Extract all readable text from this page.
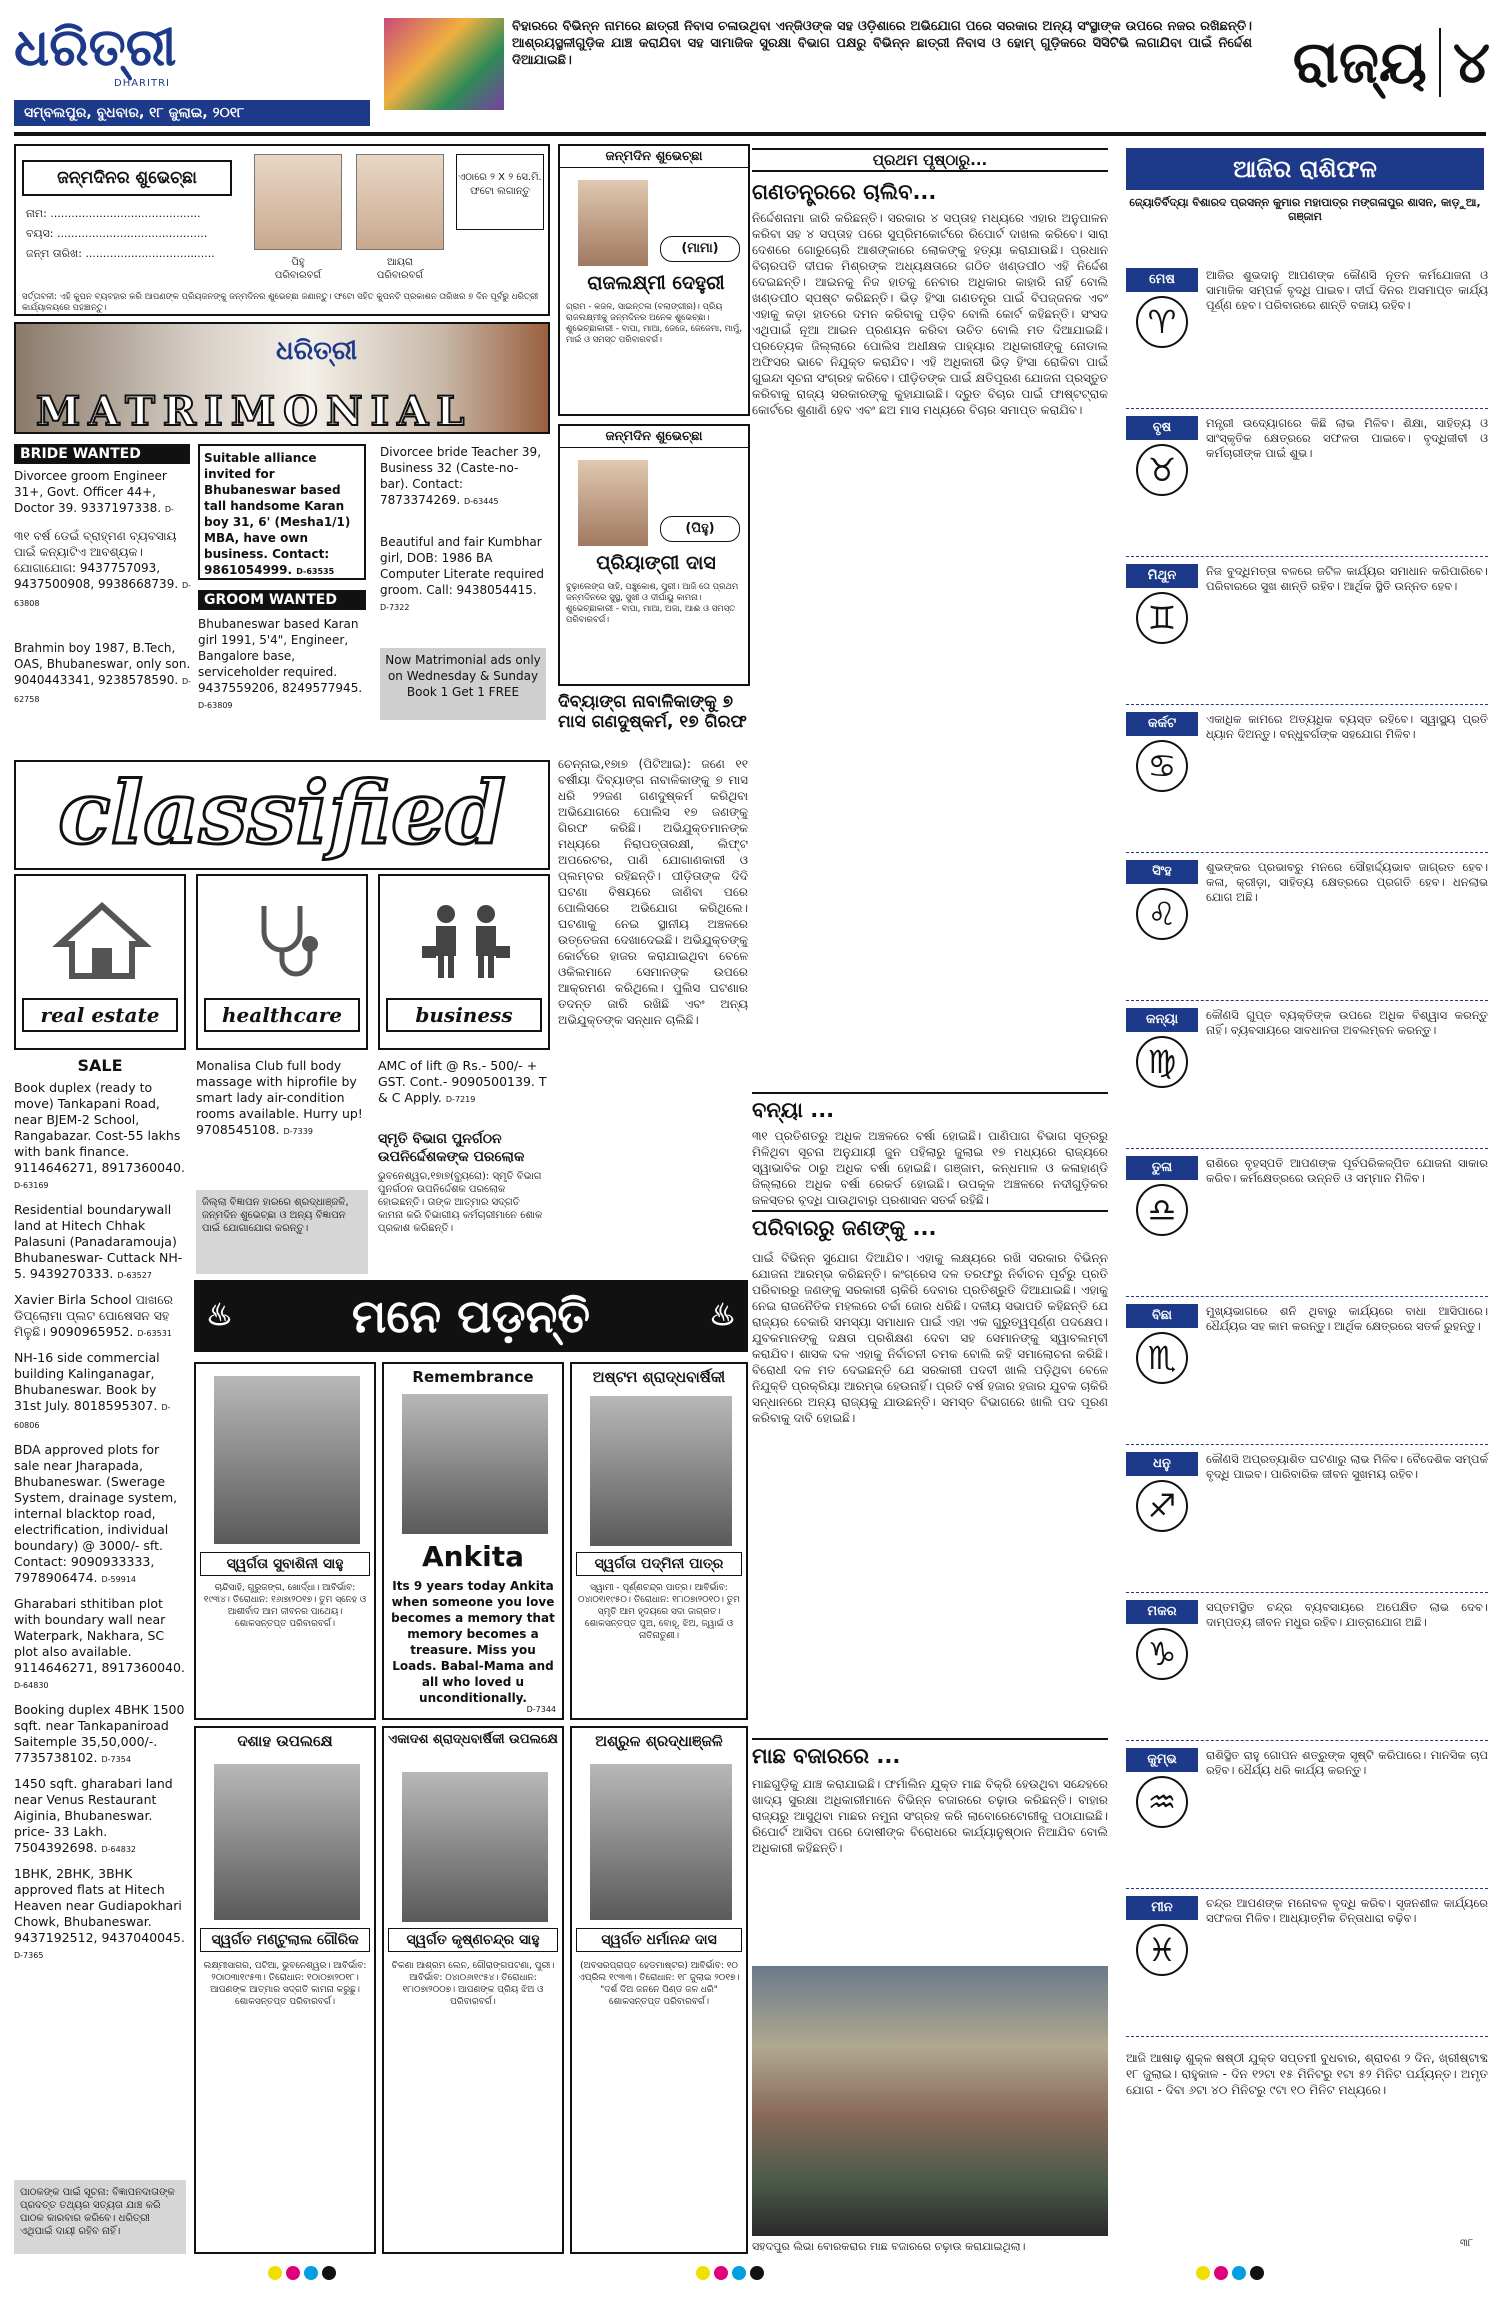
ଧରିତ୍ରୀ
DHARITRI
ସମ୍ବଲପୁର, ବୁଧବାର, ୧୮ ଜୁଲାଇ, ୨୦୧୮
ବିହାରରେ ବିଭିନ୍ନ ନାମରେ ଛାତ୍ରୀ ନିବାସ ଚଳାଉଥିବା ଏନ୍‌ଜିଓଙ୍କ ସହ ଓଡ଼ିଶାରେ ଅଭିଯୋଗ ପରେ ସରକାର ଅନ୍ୟ ସଂସ୍ଥାଙ୍କ ଉପରେ ନଜର ରଖିଛନ୍ତି। ଆଶ୍ରୟସ୍ଥଳୀଗୁଡ଼ିକ ଯାଞ୍ଚ କରାଯିବା ସହ ସାମାଜିକ ସୁରକ୍ଷା ବିଭାଗ ପକ୍ଷରୁ ବିଭିନ୍ନ ଛାତ୍ରୀ ନିବାସ ଓ ହୋମ୍‌ ଗୁଡ଼ିକରେ ସିସିଟିଭି ଲଗାଯିବା ପାଇଁ ନିର୍ଦ୍ଦେଶ ଦିଆଯାଇଛି।	ରାଜ୍ୟ ୪
ଜନ୍ମଦିନର ଶୁଭେଚ୍ଛା
ନାମ: ...........................................
ବୟସ: ...........................................
ଜନ୍ମ ତାରିଖ: .....................................
ପିହୁ
ପରିବାରବର୍ଗ
ଆୟରା
ପରିବାରବର୍ଗ
ଏଠାରେ ୨ X ୨ ସେ.ମି. ଫଟୋ ଲଗାନ୍ତୁ
ସର୍ତ୍ତାବଳୀ: ଏହି କୁପନ ବ୍ୟବହାର କରି ଆପଣଙ୍କ ପ୍ରିୟଜନଙ୍କୁ ଜନ୍ମଦିନର ଶୁଭେଚ୍ଛା ଜଣାନ୍ତୁ। ଫଟୋ ସହିତ କୁପନଟି ପ୍ରକାଶନ ତାରିଖର ୭ ଦିନ ପୂର୍ବରୁ ଧରିତ୍ରୀ କାର୍ଯ୍ୟାଳୟରେ ପହଞ୍ଚାନ୍ତୁ।
ଧରିତ୍ରୀ
MATRIMONIAL
BRIDE WANTED
Divorcee groom Engineer 31+, Govt. Officer 44+, Doctor 39. 9337197338. D-
୩୧ ବର୍ଷ ଡେଇଁ ବ୍ରାହ୍ମଣ ବ୍ୟବସାୟ ପାଇଁ କନ୍ୟାଟିଏ ଆବଶ୍ୟକ। ଯୋଗାଯୋଗ: 9437757093, 9437500908, 9938668739. D-63808
Brahmin boy 1987, B.Tech, OAS, Bhubaneswar, only son. 9040443341, 9238578590. D-62758
Suitable alliance invited for Bhubaneswar based tall handsome Karan boy 31, 6' (Mesha1/1) MBA, have own business. Contact: 9861054999. D-63535
GROOM WANTED
Bhubaneswar based Karan girl 1991, 5'4", Engineer, Bangalore base, serviceholder required. 9437559206, 8249577945. D-63809
Divorcee bride Teacher 39, Business 32 (Caste-no-bar). Contact: 7873374269. D-63445
Beautiful and fair Kumbhar girl, DOB: 1986 BA Computer Literate required groom. Call: 9438054415. D-7322
Now Matrimonial ads only on Wednesday & Sunday Book 1 Get 1 FREE
classified
real estate	healthcare	business
SALE
Book duplex (ready to move) Tankapani Road, near BJEM-2 School, Rangabazar. Cost-55 lakhs with bank finance. 9114646271, 8917360040. D-63169
Residential boundarywall land at Hitech Chhak Palasuni (Panadaramouja) Bhubaneswar- Cuttack NH-5. 9439270333. D-63527
Xavier Birla School ପାଖରେ ଡିପ୍ଲୋମା ପ୍ଲଟ ପୋଷେସନ ସହ ମିଳୁଛି। 9090965952. D-63531
NH-16 side commercial building Kalinganagar, Bhubaneswar. Book by 31st July. 8018595307. D-60806
BDA approved plots for sale near Jharapada, Bhubaneswar. (Swerage System, drainage system, internal blacktop road, electrification, individual boundary) @ 3000/- sft. Contact: 9090933333, 7978906474. D-59914
Gharabari sthitiban plot with boundary wall near Waterpark, Nakhara, SC plot also available. 9114646271, 8917360040. D-64830
Booking duplex 4BHK 1500 sqft. near Tankapaniroad Saitemple 35,50,000/-. 7735738102. D-7354
1450 sqft. gharabari land near Venus Restaurant Aiginia, Bhubaneswar. price- 33 Lakh. 7504392698. D-64832
1BHK, 2BHK, 3BHK approved flats at Hitech Heaven near Gudiapokhari Chowk, Bhubaneswar. 9437192512, 9437040045. D-7365
ପାଠକଙ୍କ ପାଇଁ ସୂଚନା: ବିଜ୍ଞାପନଦାତାଙ୍କ ପ୍ରଦତ୍ତ ତଥ୍ୟର ସତ୍ୟତା ଯାଞ୍ଚ କରି ପାଠକ କାରବାର କରିବେ। ଧରିତ୍ରୀ ଏଥିପାଇଁ ଦାୟୀ ରହିବ ନାହିଁ।
Monalisa Club full body massage with hiprofile by smart lady air-condition rooms available. Hurry up! 9708545108. D-7339
ଜିଲ୍ଲା ବିଜ୍ଞାପନ ହାରରେ ଶ୍ରଦ୍ଧାଞ୍ଜଳି, ଜନ୍ମଦିନ ଶୁଭେଚ୍ଛା ଓ ଅନ୍ୟ ବିଜ୍ଞାପନ ପାଇଁ ଯୋଗାଯୋଗ କରନ୍ତୁ।
AMC of lift @ Rs.- 500/- + GST. Cont.- 9090500139. T & C Apply. D-7219
ସ୍ମୃତି ବିଭାଗ ପୁନର୍ଗଠନ ଉପନିର୍ଦ୍ଦେଶକଙ୍କ ପରଲୋକ
ଭୁବନେଶ୍ୱର,୧୭ା୭(ବ୍ୟୁରୋ): ସ୍ମୃତି ବିଭାଗ ପୁନର୍ଗଠନ ଉପନିର୍ଦ୍ଦେଶକ ପରଲୋକ ହୋଇଛନ୍ତି। ତାଙ୍କ ଆତ୍ମାର ସଦ୍‌ଗତି କାମନା କରି ବିଭାଗୀୟ କର୍ମଚାରୀମାନେ ଶୋକ ପ୍ରକାଶ କରିଛନ୍ତି।
ଜନ୍ମଦିନ ଶୁଭେଚ୍ଛା
(ମାମା)
ରାଜଲକ୍ଷ୍ମୀ ଦେହୁରୀ
ଗ୍ରାମ - କଜଳ, ସାଇନ୍ତଳା (ବଲାଙ୍ଗୀର)। ପ୍ରିୟ ରାଜଲକ୍ଷ୍ମୀକୁ ଜନ୍ମଦିନର ଅନେକ ଶୁଭେଚ୍ଛା। ଶୁଭେଚ୍ଛାକାରୀ - ବାପା, ମାଆ, ଜେଜେ, ଜେଜେମା, ମାମୁଁ, ମାଇଁ ଓ ସମସ୍ତ ପରିବାରବର୍ଗ।
ଜନ୍ମଦିନ ଶୁଭେଚ୍ଛା
(ପିହୁ)
ପ୍ରିୟାଙ୍ଗୀ ଦାସ
ବୁଢ଼ାଲେଙ୍ଗ ସାହି, ପଞ୍ଚୁକୋଶ, ପୁରୀ। ଆଜି ତୋ ପ୍ରଥମ ଜନ୍ମଦିନରେ ସୁସ୍ଥ, ସୁଖୀ ଓ ଦୀର୍ଘାୟୁ କାମନା। ଶୁଭେଚ୍ଛାକାରୀ - ବାପା, ମାଆ, ଅଜା, ଆଈ ଓ ସମସ୍ତ ପରିବାରବର୍ଗ।
ଦିବ୍ୟାଙ୍ଗ ନାବାଳିକାଙ୍କୁ ୭ ମାସ ଗଣଦୁଷ୍କର୍ମ, ୧୭ ଗିରଫ
ଚେନ୍ନାଇ,୧୭ା୭ (ପିଟିଆଇ): ଜଣେ ୧୧ ବର୍ଷୀୟା ଦିବ୍ୟାଙ୍ଗ ନାବାଳିକାଙ୍କୁ ୭ ମାସ ଧରି ୨୨ଜଣ ଗଣଦୁଷ୍କର୍ମ କରିଥିବା ଅଭିଯୋଗରେ ପୋଲିସ ୧୭ ଜଣଙ୍କୁ ଗିରଫ କରିଛି। ଅଭିଯୁକ୍ତମାନଙ୍କ ମଧ୍ୟରେ ନିରାପତ୍ତାରକ୍ଷୀ, ଲିଫ୍ଟ ଅପରେଟର, ପାଣି ଯୋଗାଣକାରୀ ଓ ପ୍ଲମ୍ବର ରହିଛନ୍ତି। ପୀଡ଼ିତାଙ୍କ ଦିଦି ଘଟଣା ବିଷୟରେ ଜାଣିବା ପରେ ପୋଲିସରେ ଅଭିଯୋଗ କରିଥିଲେ। ଘଟଣାକୁ ନେଇ ସ୍ଥାନୀୟ ଅଞ୍ଚଳରେ ଉତ୍ତେଜନା ଦେଖାଦେଇଛି। ଅଭିଯୁକ୍ତଙ୍କୁ କୋର୍ଟରେ ହାଜର କରାଯାଇଥିବା ବେଳେ ଓକିଲମାନେ ସେମାନଙ୍କ ଉପରେ ଆକ୍ରମଣ କରିଥିଲେ। ପୁଲିସ ଘଟଣାର ତଦନ୍ତ ଜାରି ରଖିଛି ଏବଂ ଅନ୍ୟ ଅଭିଯୁକ୍ତଙ୍କ ସନ୍ଧାନ ଚାଲିଛି।
♨	ମନେ ପଡ଼ନ୍ତି	♨
ସ୍ୱର୍ଗତା ସୁବାଶିନୀ ସାହୁ
ଚାନ୍ଦିସାହି, ଗୁରୁଜଙ୍ଗ, ଖୋର୍ଦ୍ଧା। ଆବିର୍ଭାବ: ୧୯୩୪। ତିରୋଧାନ: ୧୬ା୭ା୨୦୧୭। ତୁମ ସ୍ନେହ ଓ ଆଶୀର୍ବାଦ ଆମ ଜୀବନର ପାଥେୟ। ଶୋକସନ୍ତପ୍ତ ପରିବାରବର୍ଗ।
Remembrance
Ankita
Its 9 years today Ankita when someone you love becomes a memory that memory becomes a treasure. Miss you Loads. Babal-Mama and all who loved u unconditionally.
D-7344
ଅଷ୍ଟମ ଶ୍ରାଦ୍ଧବାର୍ଷିକୀ
ସ୍ୱର୍ଗତା ପଦ୍ମିନୀ ପାତ୍ର
ସ୍ୱାମୀ - ପୂର୍ଣ୍ଣଚନ୍ଦ୍ର ପାତ୍ର। ଆବିର୍ଭାବ: ୦୪ା୦୧ା୧୯୫୦। ତିରୋଧାନ: ୧୮ା୦୭ା୨୦୧୦। ତୁମ ସ୍ମୃତି ଆମ ହୃଦୟରେ ସଦା ଜାଗ୍ରତ। ଶୋକସନ୍ତପ୍ତ ପୁଅ, ବୋହୂ, ଝିଅ, ଜ୍ୱାଇଁ ଓ ନାତିନାତୁଣୀ।
ଦଶାହ ଉପଲକ୍ଷେ
ସ୍ୱର୍ଗତ ମଣ୍ଟୁଲାଲ ଗୌରିକ
ଲକ୍ଷ୍ମୀସାଗର, ପଟିଆ, ଭୁବନେଶ୍ୱର। ଆବିର୍ଭାବ: ୨୦ା୦୩ା୧୯୫୩। ତିରୋଧାନ: ୧୦ା୦୭ା୨୦୧୮। ଆପଣଙ୍କ ଆତ୍ମାର ସଦ୍‌ଗତି କାମନା କରୁଛୁ। ଶୋକସନ୍ତପ୍ତ ପରିବାରବର୍ଗ।
ଏକାଦଶ ଶ୍ରାଦ୍ଧବାର୍ଷିକୀ ଉପଲକ୍ଷେ
ସ୍ୱର୍ଗତ କୃଷ୍ଣଚନ୍ଦ୍ର ସାହୁ
ଚିକଣା ଆଶ୍ରମ ଲେନ, ଗୌରାଙ୍ଗପଟଣା, ପୁରୀ। ଆବିର୍ଭାବ: ୦୪ା୦୬ା୧୯୫୪। ତିରୋଧାନ: ୧୮ା୦୭ା୨୦୦୭। ଆପଣଙ୍କ ପ୍ରିୟ ଝିଅ ଓ ପରିବାରବର୍ଗ।
ଅଶ୍ରୁଳ ଶ୍ରଦ୍ଧାଞ୍ଜଳି
ସ୍ୱର୍ଗତ ଧର୍ମାନନ୍ଦ ଦାସ
(ଅବସରପ୍ରାପ୍ତ ହେଡମାଷ୍ଟର) ଆବିର୍ଭାବ: ୧୦ ଏପ୍ରିଲ ୧୯୩୩। ତିରୋଧାନ: ୧୮ ଜୁଲାଇ ୨୦୧୭। "ଦର୍ଶ ଦିଅ ଜନନେ ପିଣ୍ଡ ଜଳ ଧରି" ଶୋକସନ୍ତପ୍ତ ପରିବାରବର୍ଗ।
ପ୍ରଥମ ପୃଷ୍ଠାରୁ...
ଗଣତନ୍ତ୍ରରେ ଚାଲିବ...
ନିର୍ଦ୍ଦେଶନାମା ଜାରି କରିଛନ୍ତି। ସରକାର ୪ ସପ୍ତାହ ମଧ୍ୟରେ ଏହାର ଅନୁପାଳନ କରିବା ସହ ୪ ସପ୍ତାହ ପରେ ସୁପ୍ରିମକୋର୍ଟରେ ରିପୋର୍ଟ ଦାଖଲ କରିବେ। ସାରା ଦେଶରେ ଗୋରୁଚୋରି ଆଶଙ୍କାରେ ଲୋକଙ୍କୁ ହତ୍ୟା କରାଯାଉଛି। ପ୍ରଧାନ ବିଚାରପତି ଦୀପକ ମିଶ୍ରଙ୍କ ଅଧ୍ୟକ୍ଷତାରେ ଗଠିତ ଖଣ୍ଡପୀଠ ଏହି ନିର୍ଦ୍ଦେଶ ଦେଇଛନ୍ତି। ଆଇନକୁ ନିଜ ହାତକୁ ନେବାର ଅଧିକାର କାହାରି ନାହିଁ ବୋଲି ଖଣ୍ଡପୀଠ ସ୍ପଷ୍ଟ କରିଛନ୍ତି। ଭିଡ଼ ହିଂସା ଗଣତନ୍ତ୍ର ପାଇଁ ବିପଜ୍ଜନକ ଏବଂ ଏହାକୁ କଡ଼ା ହାତରେ ଦମନ କରିବାକୁ ପଡ଼ିବ ବୋଲି କୋର୍ଟ କହିଛନ୍ତି। ସଂସଦ ଏଥିପାଇଁ ନୂଆ ଆଇନ ପ୍ରଣୟନ କରିବା ଉଚିତ ବୋଲି ମତ ଦିଆଯାଇଛି। ପ୍ରତ୍ୟେକ ଜିଲ୍ଲାରେ ପୋଲିସ ଅଧୀକ୍ଷକ ପାହ୍ୟାର ଅଧିକାରୀଙ୍କୁ ନୋଡାଲ ଅଫିସର ଭାବେ ନିଯୁକ୍ତ କରାଯିବ। ଏହି ଅଧିକାରୀ ଭିଡ଼ ହିଂସା ରୋକିବା ପାଇଁ ଗୁଇନ୍ଦା ସୂଚନା ସଂଗ୍ରହ କରିବେ। ପୀଡ଼ିତଙ୍କ ପାଇଁ କ୍ଷତିପୂରଣ ଯୋଜନା ପ୍ରସ୍ତୁତ କରିବାକୁ ରାଜ୍ୟ ସରକାରଙ୍କୁ କୁହାଯାଇଛି। ଦ୍ରୁତ ବିଚାର ପାଇଁ ଫାଷ୍ଟଟ୍ରାକ କୋର୍ଟରେ ଶୁଣାଣି ହେବ ଏବଂ ଛଅ ମାସ ମଧ୍ୟରେ ବିଚାର ସମାପ୍ତ କରାଯିବ।
ବନ୍ୟା ...
୩୧ ପ୍ରତିଶତରୁ ଅଧିକ ଅଞ୍ଚଳରେ ବର୍ଷା ହୋଇଛି। ପାଣିପାଗ ବିଭାଗ ସୂତ୍ରରୁ ମିଳିଥିବା ସୂଚନା ଅନୁଯାୟୀ ଜୁନ ପହିଲାରୁ ଜୁଲାଇ ୧୭ ମଧ୍ୟରେ ରାଜ୍ୟରେ ସ୍ୱାଭାବିକ ଠାରୁ ଅଧିକ ବର୍ଷା ହୋଇଛି। ଗଞ୍ଜାମ, କନ୍ଧମାଳ ଓ କଳାହାଣ୍ଡି ଜିଲ୍ଲାରେ ଅଧିକ ବର୍ଷା ରେକର୍ଡ ହୋଇଛି। ଉପକୂଳ ଅଞ୍ଚଳରେ ନଦୀଗୁଡ଼ିକର ଜଳସ୍ତର ବୃଦ୍ଧି ପାଉଥିବାରୁ ପ୍ରଶାସନ ସତର୍କ ରହିଛି।
ପରିବାରରୁ ଜଣଙ୍କୁ ...
ପାଇଁ ବିଭିନ୍ନ ସୁଯୋଗ ଦିଆଯିବ। ଏହାକୁ ଲକ୍ଷ୍ୟରେ ରଖି ସରକାର ବିଭିନ୍ନ ଯୋଜନା ଆରମ୍ଭ କରିଛନ୍ତି। କଂଗ୍ରେସ ଦଳ ତରଫରୁ ନିର୍ବାଚନ ପୂର୍ବରୁ ପ୍ରତି ପରିବାରରୁ ଜଣଙ୍କୁ ସରକାରୀ ଚାକିରି ଦେବାର ପ୍ରତିଶ୍ରୁତି ଦିଆଯାଇଛି। ଏହାକୁ ନେଇ ରାଜନୈତିକ ମହଲରେ ଚର୍ଚ୍ଚା ଜୋର ଧରିଛି। ଦଳୀୟ ସଭାପତି କହିଛନ୍ତି ଯେ ରାଜ୍ୟର ବେକାରି ସମସ୍ୟା ସମାଧାନ ପାଇଁ ଏହା ଏକ ଗୁରୁତ୍ୱପୂର୍ଣ୍ଣ ପଦକ୍ଷେପ। ଯୁବକମାନଙ୍କୁ ଦକ୍ଷତା ପ୍ରଶିକ୍ଷଣ ଦେବା ସହ ସେମାନଙ୍କୁ ସ୍ୱାବଲମ୍ବୀ କରାଯିବ। ଶାସକ ଦଳ ଏହାକୁ ନିର୍ବାଚନୀ ଚମକ ବୋଲି କହି ସମାଲୋଚନା କରିଛି। ବିରୋଧୀ ଦଳ ମତ ଦେଇଛନ୍ତି ଯେ ସରକାରୀ ପଦବୀ ଖାଲି ପଡ଼ିଥିବା ବେଳେ ନିଯୁକ୍ତି ପ୍ରକ୍ରିୟା ଆରମ୍ଭ ହେଉନାହିଁ। ପ୍ରତି ବର୍ଷ ହଜାର ହଜାର ଯୁବକ ଚାକିରି ସନ୍ଧାନରେ ଅନ୍ୟ ରାଜ୍ୟକୁ ଯାଉଛନ୍ତି। ସମସ୍ତ ବିଭାଗରେ ଖାଲି ପଦ ପୂରଣ କରିବାକୁ ଦାବି ହୋଇଛି।
ମାଛ ବଜାରରେ ...
ମାଛଗୁଡ଼ିକୁ ଯାଞ୍ଚ କରାଯାଇଛି। ଫର୍ମାଲିନ ଯୁକ୍ତ ମାଛ ବିକ୍ରି ହେଉଥିବା ସନ୍ଦେହରେ ଖାଦ୍ୟ ସୁରକ୍ଷା ଅଧିକାରୀମାନେ ବିଭିନ୍ନ ବଜାରରେ ଚଢ଼ାଉ କରିଛନ୍ତି। ବାହାର ରାଜ୍ୟରୁ ଆସୁଥିବା ମାଛର ନମୁନା ସଂଗ୍ରହ କରି ଲାବୋରେଟୋରୀକୁ ପଠାଯାଇଛି। ରିପୋର୍ଟ ଆସିବା ପରେ ଦୋଷୀଙ୍କ ବିରୋଧରେ କାର୍ଯ୍ୟାନୁଷ୍ଠାନ ନିଆଯିବ ବୋଲି ଅଧିକାରୀ କହିଛନ୍ତି।
ସହଦପୁର ଲିଭା ବୋରକରାର ମାଛ ବଜାରରେ ଚଢ଼ାଉ କରାଯାଇଥିଲା।
ଆଜିର ରାଶିଫଳ
ଜ୍ୟୋତିର୍ବିଦ୍ୟା ବିଶାରଦ ପ୍ରସନ୍ନ କୁମାର ମହାପାତ୍ର ମଙ୍ଗଳାପୁର ଶାସନ, କାଡ଼ୁଆ, ଗଞ୍ଜାମ
ମେଷ
♈
ଆଜିର ଶୁଭଦାନୁ ଆପଣଙ୍କ କୌଣସି ନୂତନ କର୍ମଯୋଜନା ଓ ସାମାଜିକ ସମ୍ପର୍କ ବୃଦ୍ଧି ପାଇବ। ଦୀର୍ଘ ଦିନର ଅସମାପ୍ତ କାର୍ଯ୍ୟ ପୂର୍ଣ୍ଣ ହେବ। ପରିବାରରେ ଶାନ୍ତି ବଜାୟ ରହିବ।
ବୃଷ
♉
ମନ୍ତ୍ରୀ ଉଦ୍ୟୋଗରେ କିଛି ଲାଭ ମିଳିବ। ଶିକ୍ଷା, ସାହିତ୍ୟ ଓ ସାଂସ୍କୃତିକ କ୍ଷେତ୍ରରେ ସଫଳତା ପାଇବେ। ବୃଦ୍ଧିଜୀବୀ ଓ କର୍ମଚାରୀଙ୍କ ପାଇଁ ଶୁଭ।
ମିଥୁନ
♊
ନିଜ ବୁଦ୍ଧିମତ୍ତା ବଳରେ ଜଟିଳ କାର୍ଯ୍ୟର ସମାଧାନ କରିପାରିବେ। ପରିବାରରେ ସୁଖ ଶାନ୍ତି ରହିବ। ଆର୍ଥିକ ସ୍ଥିତି ଉନ୍ନତ ହେବ।
କର୍କଟ
♋
ଏକାଧିକ କାମରେ ଅତ୍ୟଧିକ ବ୍ୟସ୍ତ ରହିବେ। ସ୍ୱାସ୍ଥ୍ୟ ପ୍ରତି ଧ୍ୟାନ ଦିଅନ୍ତୁ। ବନ୍ଧୁବର୍ଗଙ୍କ ସହଯୋଗ ମିଳିବ।
ସିଂହ
♌
ଶୁଭଙ୍କର ପ୍ରଭାବରୁ ମନରେ ସୌହାର୍ଦ୍ଦ୍ୟଭାବ ଜାଗ୍ରତ ହେବ। କଳା, କ୍ରୀଡ଼ା, ସାହିତ୍ୟ କ୍ଷେତ୍ରରେ ପ୍ରଗତି ହେବ। ଧନଲାଭ ଯୋଗ ଅଛି।
କନ୍ୟା
♍
କୌଣସି ଗୁପ୍ତ ବ୍ୟକ୍ତିଙ୍କ ଉପରେ ଅଧିକ ବିଶ୍ୱାସ କରନ୍ତୁ ନାହିଁ। ବ୍ୟବସାୟରେ ସାବଧାନତା ଅବଲମ୍ବନ କରନ୍ତୁ।
ତୁଳା
♎
ରାଶିରେ ବୃହସ୍ପତି ଆପଣଙ୍କ ପୂର୍ବପରିକଳ୍ପିତ ଯୋଜନା ସାକାର କରିବ। କର୍ମକ୍ଷେତ୍ରରେ ଉନ୍ନତି ଓ ସମ୍ମାନ ମିଳିବ।
ବିଛା
♏
ମୁଖ୍ୟଭାଗରେ ଶନି ଥିବାରୁ କାର୍ଯ୍ୟରେ ବାଧା ଆସିପାରେ। ଧୈର୍ଯ୍ୟର ସହ କାମ କରନ୍ତୁ। ଆର୍ଥିକ କ୍ଷେତ୍ରରେ ସତର୍କ ରୁହନ୍ତୁ।
ଧନୁ
♐
କୌଣସି ଅପ୍ରତ୍ୟାଶିତ ଘଟଣାରୁ ଲାଭ ମିଳିବ। ବୈଦେଶିକ ସମ୍ପର୍କ ବୃଦ୍ଧି ପାଇବ। ପାରିବାରିକ ଜୀବନ ସୁଖମୟ ରହିବ।
ମକର
♑
ସପ୍ତମସ୍ଥିତ ଚନ୍ଦ୍ର ବ୍ୟବସାୟରେ ଅପେକ୍ଷିତ ଲାଭ ଦେବ। ଦାମ୍ପତ୍ୟ ଜୀବନ ମଧୁର ରହିବ। ଯାତ୍ରାଯୋଗ ଅଛି।
କୁମ୍ଭ
♒
ରାଶିସ୍ଥିତ ରାହୁ ଗୋପନ ଶତ୍ରୁଙ୍କ ସୃଷ୍ଟି କରିପାରେ। ମାନସିକ ଚାପ ରହିବ। ଧୈର୍ଯ୍ୟ ଧରି କାର୍ଯ୍ୟ କରନ୍ତୁ।
ମୀନ
♓
ଚନ୍ଦ୍ର ଆପଣଙ୍କ ମନୋବଳ ବୃଦ୍ଧି କରିବ। ସୃଜନଶୀଳ କାର୍ଯ୍ୟରେ ସଫଳତା ମିଳିବ। ଆଧ୍ୟାତ୍ମିକ ଚିନ୍ତାଧାରା ବଢ଼ିବ।
ଆଜି ଆଷାଢ଼ ଶୁକ୍ଳ ଷଷ୍ଠୀ ଯୁକ୍ତ ସପ୍ତମୀ ବୁଧବାର, ଶ୍ରାବଣ ୨ ଦିନ, ଖ୍ରୀଷ୍ଟାବ୍ଦ ୧୮ ଜୁଲାଇ। ରାହୁକାଳ - ଦିନ ୧୨ଟା ୧୫ ମିନିଟରୁ ୧ଟା ୫୨ ମିନିଟ ପର୍ଯ୍ୟନ୍ତ। ଅମୃତ ଯୋଗ - ଦିବା ୬ଟା ୪୦ ମିନିଟରୁ ୯ଟା ୧୦ ମିନିଟ ମଧ୍ୟରେ।
୩୮
